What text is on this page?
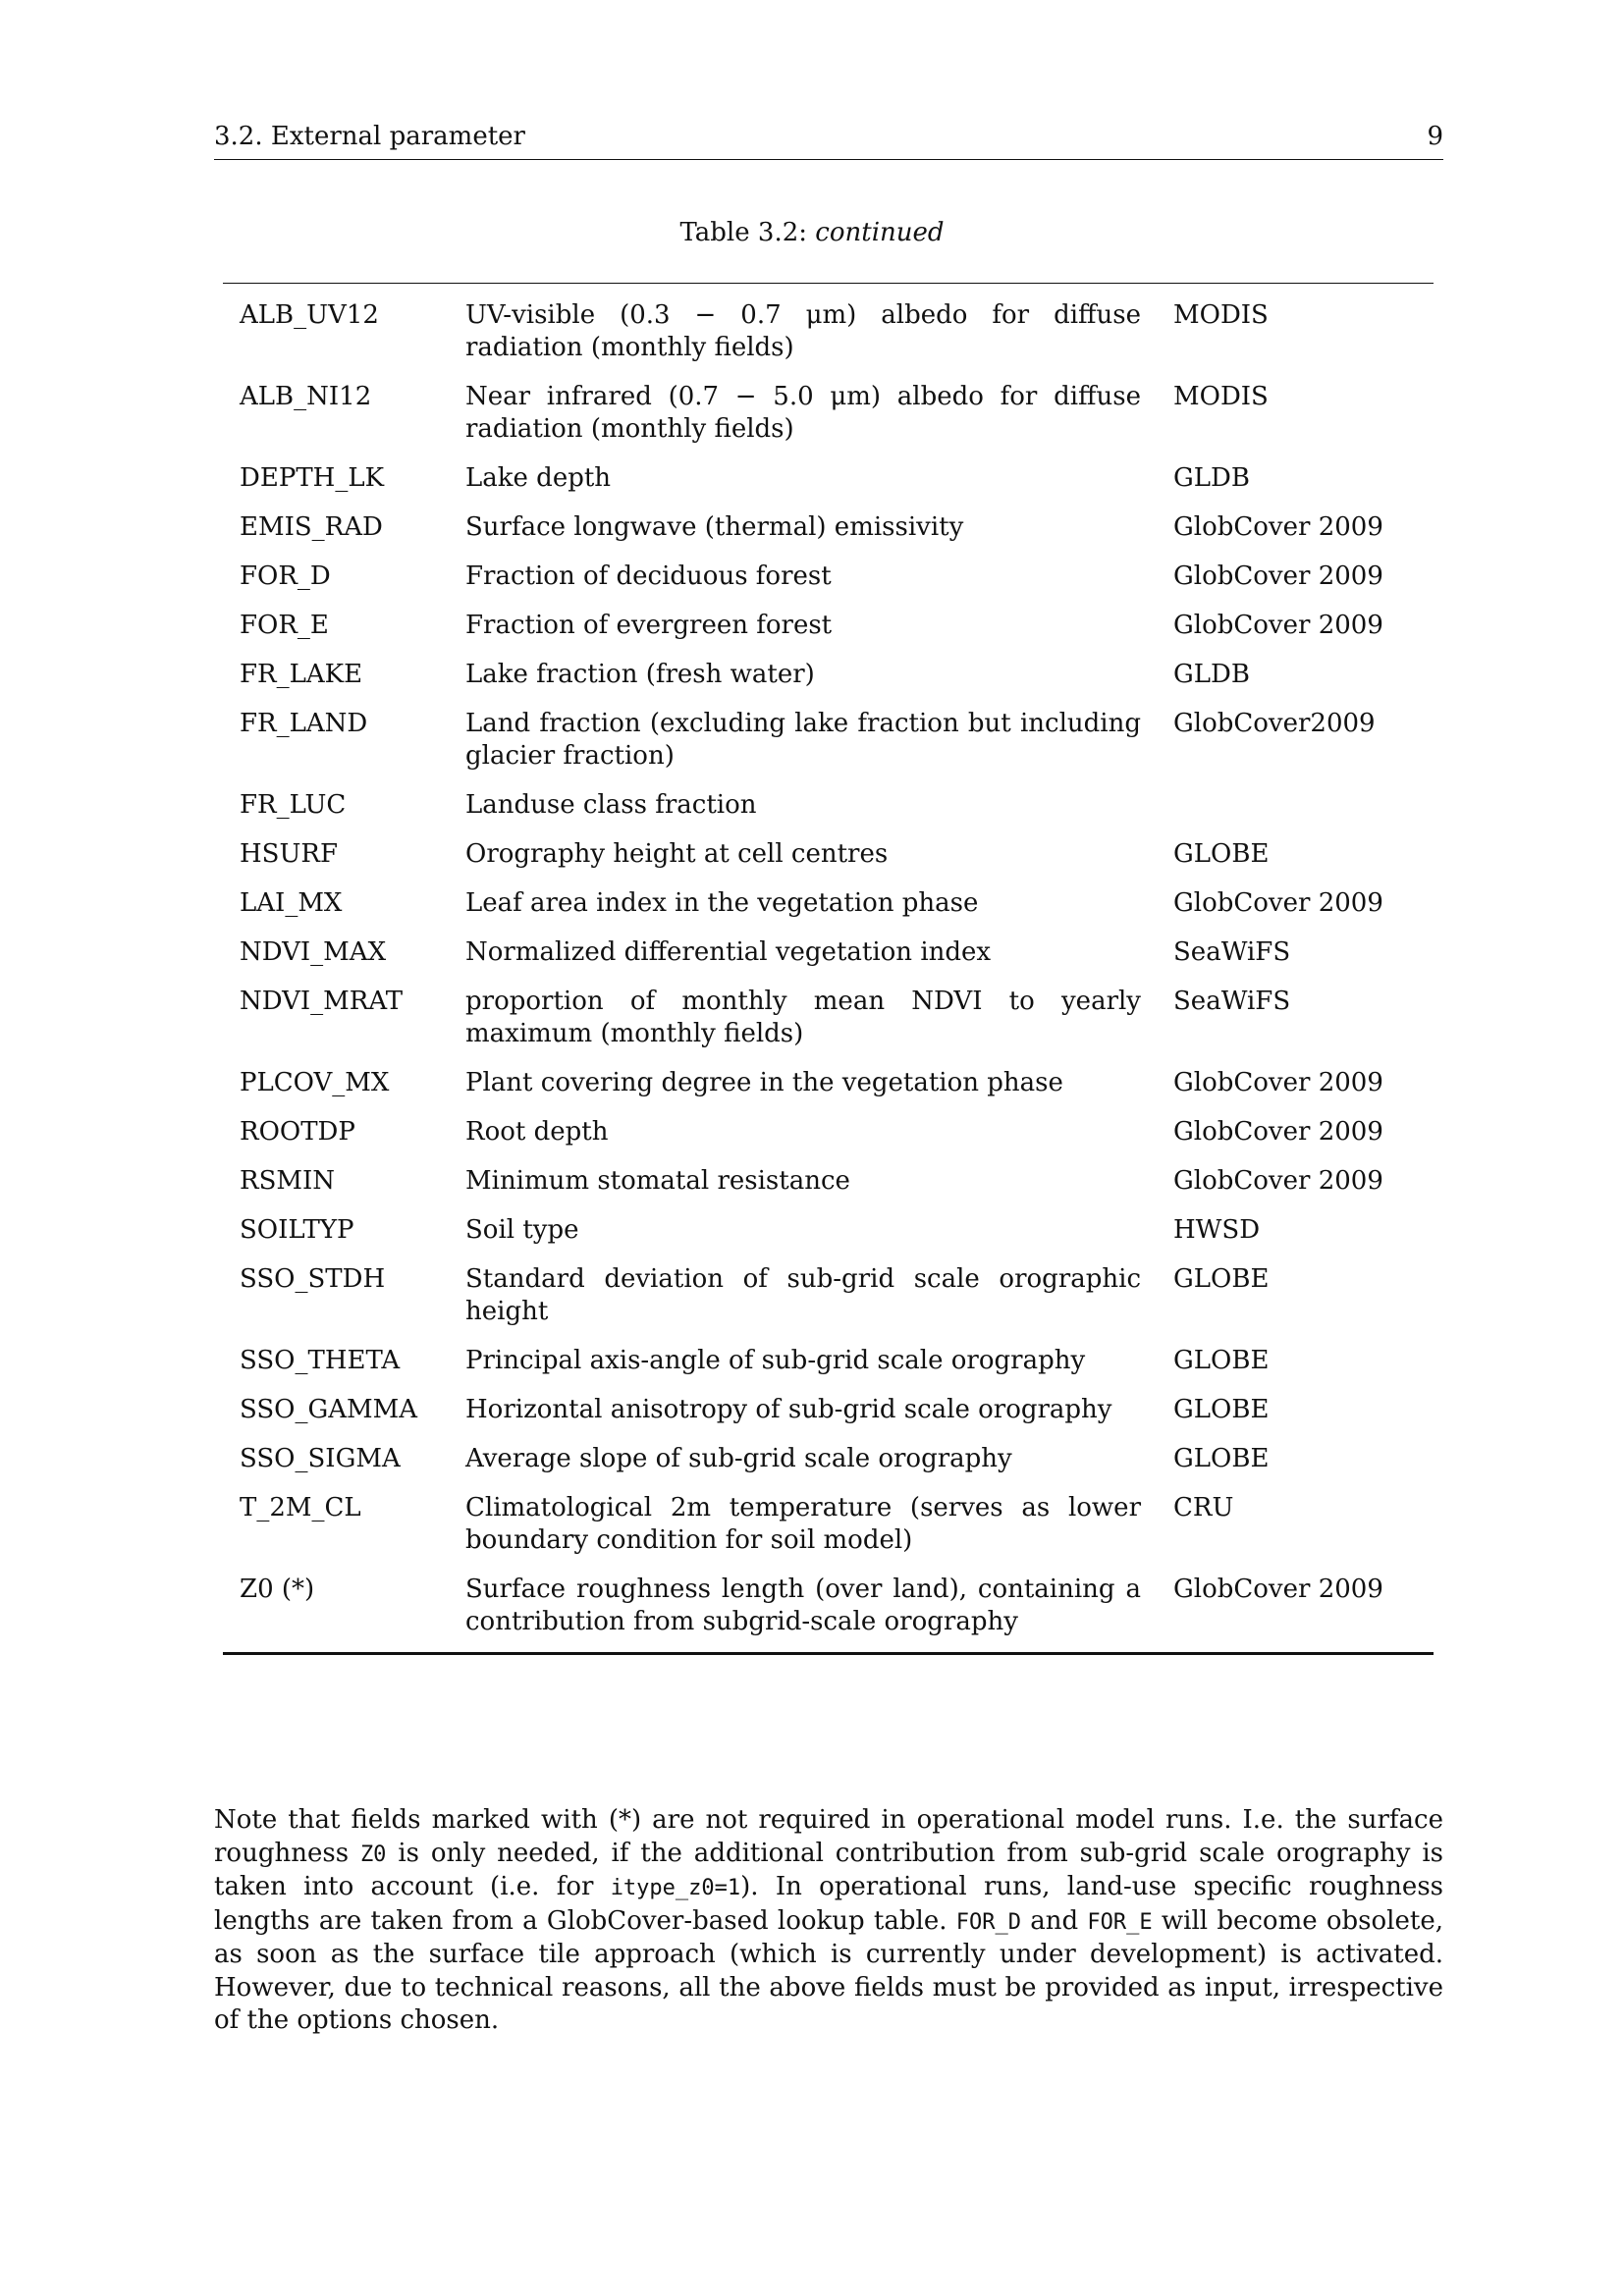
3.2. External parameter	9
Table 3.2: continued
ALB_UV12	UV-visible (0.3 − 0.7 μm) albedo for diffuse radiation (monthly fields)	MODIS
ALB_NI12	Near infrared (0.7 − 5.0 μm) albedo for diffuse radiation (monthly fields)	MODIS
DEPTH_LK	Lake depth	GLDB
EMIS_RAD	Surface longwave (thermal) emissivity	GlobCover 2009
FOR_D	Fraction of deciduous forest	GlobCover 2009
FOR_E	Fraction of evergreen forest	GlobCover 2009
FR_LAKE	Lake fraction (fresh water)	GLDB
FR_LAND	Land fraction (excluding lake fraction but including glacier fraction)	GlobCover2009
FR_LUC	Landuse class fraction	
HSURF	Orography height at cell centres	GLOBE
LAI_MX	Leaf area index in the vegetation phase	GlobCover 2009
NDVI_MAX	Normalized differential vegetation index	SeaWiFS
NDVI_MRAT	proportion of monthly mean NDVI to yearly maximum (monthly fields)	SeaWiFS
PLCOV_MX	Plant covering degree in the vegetation phase	GlobCover 2009
ROOTDP	Root depth	GlobCover 2009
RSMIN	Minimum stomatal resistance	GlobCover 2009
SOILTYP	Soil type	HWSD
SSO_STDH	Standard deviation of sub-grid scale orographic height	GLOBE
SSO_THETA	Principal axis-angle of sub-grid scale orography	GLOBE
SSO_GAMMA	Horizontal anisotropy of sub-grid scale orography	GLOBE
SSO_SIGMA	Average slope of sub-grid scale orography	GLOBE
T_2M_CL	Climatological 2m temperature (serves as lower boundary condition for soil model)	CRU
Z0 (*)	Surface roughness length (over land), containing a contribution from subgrid-scale orography	GlobCover 2009
Note that fields marked with (*) are not required in operational model runs. I.e. the surface roughness Z0 is only needed, if the additional contribution from sub-grid scale orography is taken into account (i.e. for itype_z0=1). In operational runs, land-use specific roughness lengths are taken from a GlobCover-based lookup table. FOR_D and FOR_E will become obsolete, as soon as the surface tile approach (which is currently under development) is activated. However, due to technical reasons, all the above fields must be provided as input, irrespective of the options chosen.
